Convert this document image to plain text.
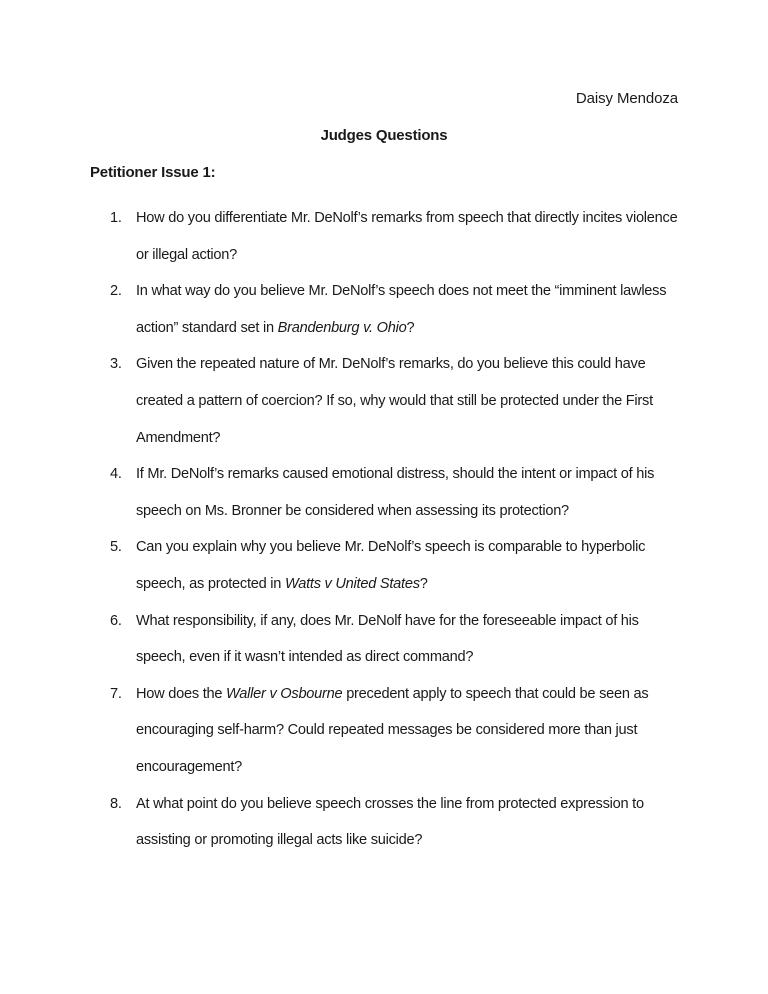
Daisy Mendoza
Judges Questions
Petitioner Issue 1:
1. How do you differentiate Mr. DeNolf’s remarks from speech that directly incites violence or illegal action?
2. In what way do you believe Mr. DeNolf’s speech does not meet the “imminent lawless action” standard set in Brandenburg v. Ohio?
3. Given the repeated nature of Mr. DeNolf’s remarks, do you believe this could have created a pattern of coercion? If so, why would that still be protected under the First Amendment?
4. If Mr. DeNolf’s remarks caused emotional distress, should the intent or impact of his speech on Ms. Bronner be considered when assessing its protection?
5. Can you explain why you believe Mr. DeNolf’s speech is comparable to hyperbolic speech, as protected in Watts v United States?
6. What responsibility, if any, does Mr. DeNolf have for the foreseeable impact of his speech, even if it wasn’t intended as direct command?
7. How does the Waller v Osbourne precedent apply to speech that could be seen as encouraging self-harm? Could repeated messages be considered more than just encouragement?
8. At what point do you believe speech crosses the line from protected expression to assisting or promoting illegal acts like suicide?
